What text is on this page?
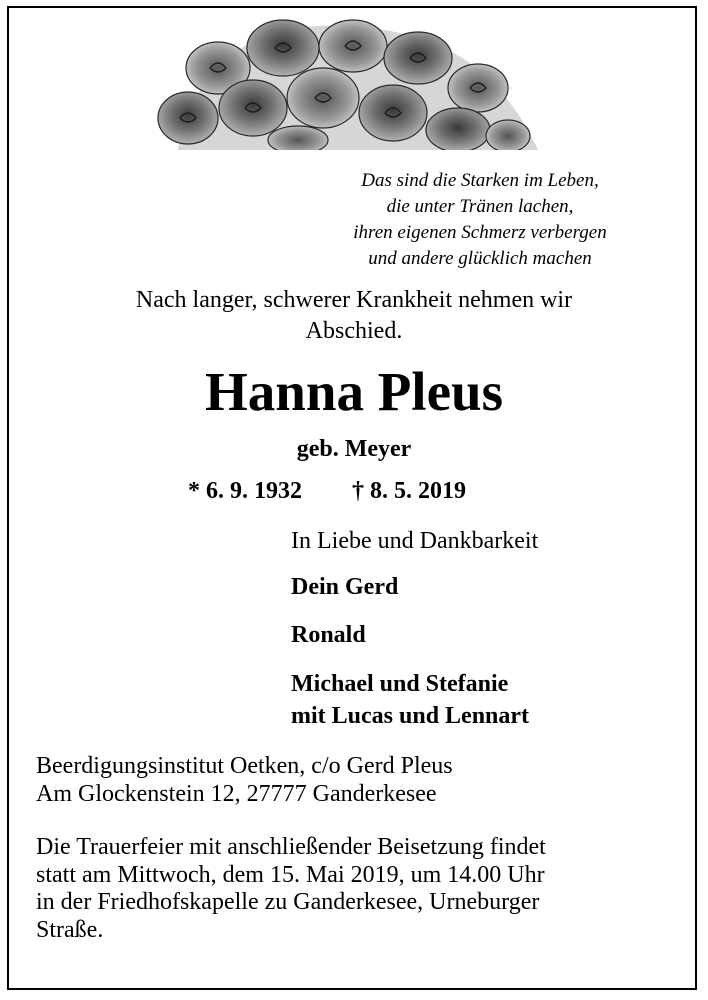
Das sind die Starken im Leben,
die unter Tränen lachen,
ihren eigenen Schmerz verbergen
und andere glücklich machen
Nach langer, schwerer Krankheit nehmen wir
Abschied.
Hanna Pleus
geb. Meyer
* 6. 9. 1932 † 8. 5. 2019
In Liebe und Dankbarkeit
Dein Gerd
Ronald
Michael und Stefanie
mit Lucas und Lennart
Beerdigungsinstitut Oetken, c/o Gerd Pleus
Am Glockenstein 12, 27777 Ganderkesee
Die Trauerfeier mit anschließender Beisetzung findet
statt am Mittwoch, dem 15. Mai 2019, um 14.00 Uhr
in der Friedhofskapelle zu Ganderkesee, Urneburger
Straße.
